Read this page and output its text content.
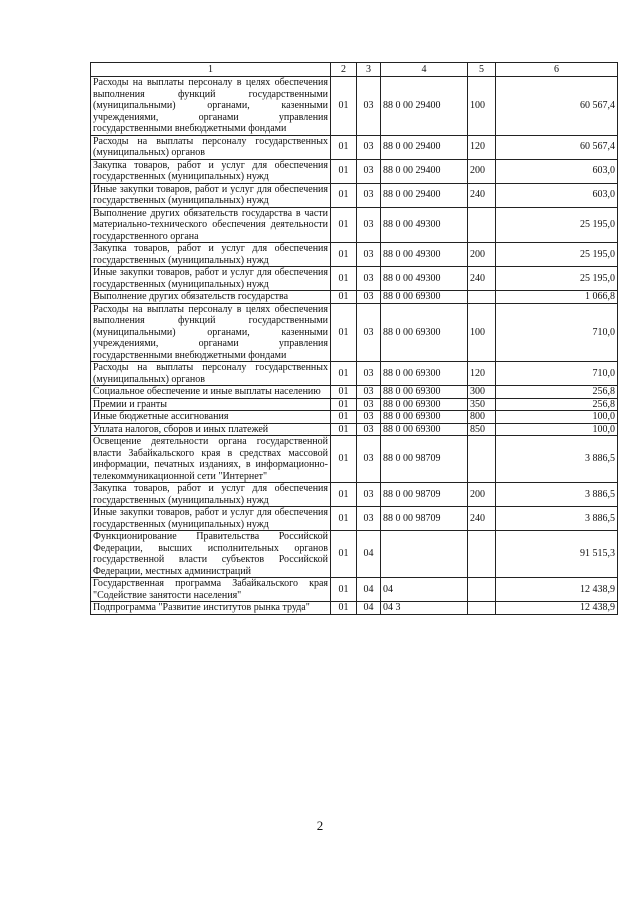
1	2	3	4	5	6
Расходы на выплаты персоналу в целях обеспечения выполнения функций государственными (муниципальными) органами, казенными учреждениями, органами управления государственными внебюджетными фондами	01	03	88 0 00 29400	100	60 567,4
Расходы на выплаты персоналу государственных (муниципальных) органов	01	03	88 0 00 29400	120	60 567,4
Закупка товаров, работ и услуг для обеспечения государственных (муниципальных) нужд	01	03	88 0 00 29400	200	603,0
Иные закупки товаров, работ и услуг для обеспечения государственных (муниципальных) нужд	01	03	88 0 00 29400	240	603,0
Выполнение других обязательств государства в части материально-технического обеспечения деятельности государственного органа	01	03	88 0 00 49300		25 195,0
Закупка товаров, работ и услуг для обеспечения государственных (муниципальных) нужд	01	03	88 0 00 49300	200	25 195,0
Иные закупки товаров, работ и услуг для обеспечения государственных (муниципальных) нужд	01	03	88 0 00 49300	240	25 195,0
Выполнение других обязательств государства	01	03	88 0 00 69300		1 066,8
Расходы на выплаты персоналу в целях обеспечения выполнения функций государственными (муниципальными) органами, казенными учреждениями, органами управления государственными внебюджетными фондами	01	03	88 0 00 69300	100	710,0
Расходы на выплаты персоналу государственных (муниципальных) органов	01	03	88 0 00 69300	120	710,0
Социальное обеспечение и иные выплаты населению	01	03	88 0 00 69300	300	256,8
Премии и гранты	01	03	88 0 00 69300	350	256,8
Иные бюджетные ассигнования	01	03	88 0 00 69300	800	100,0
Уплата налогов, сборов и иных платежей	01	03	88 0 00 69300	850	100,0
Освещение деятельности органа государственной власти Забайкальского края в средствах массовой информации, печатных изданиях, в информационно-телекоммуникационной сети "Интернет"	01	03	88 0 00 98709		3 886,5
Закупка товаров, работ и услуг для обеспечения государственных (муниципальных) нужд	01	03	88 0 00 98709	200	3 886,5
Иные закупки товаров, работ и услуг для обеспечения государственных (муниципальных) нужд	01	03	88 0 00 98709	240	3 886,5
Функционирование Правительства Российской Федерации, высших исполнительных органов государственной власти субъектов Российской Федерации, местных администраций	01	04			91 515,3
Государственная программа Забайкальского края "Содействие занятости населения"	01	04	04		12 438,9
Подпрограмма "Развитие институтов рынка труда"	01	04	04 3		12 438,9
2
